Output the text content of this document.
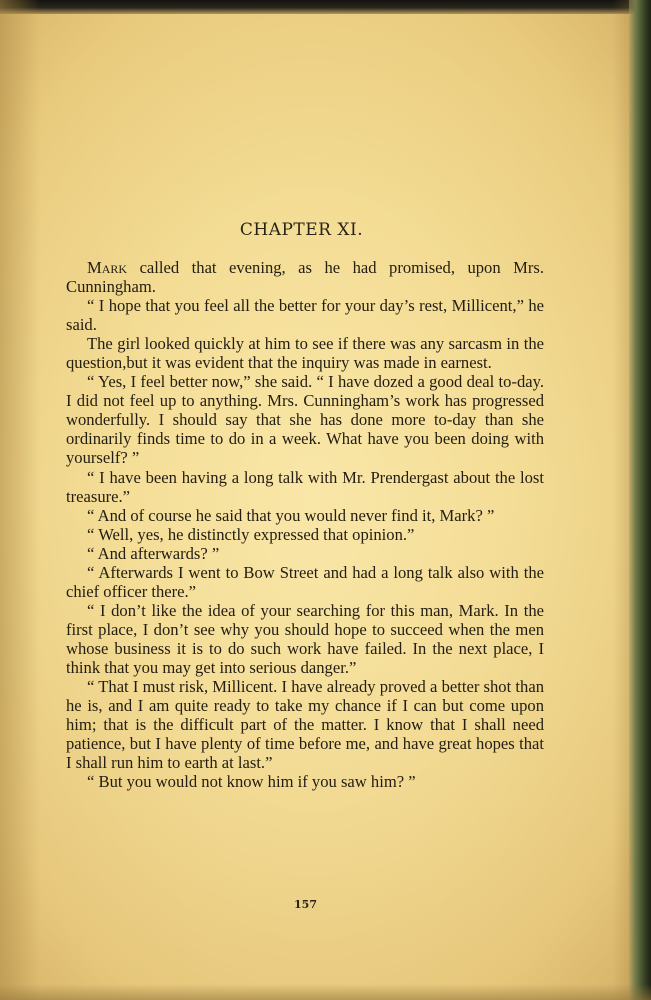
CHAPTER XI.

Mark called that evening, as he had promised, upon Mrs. Cunningham.

“ I hope that you feel all the better for your day’s rest, Millicent,” he said.

The girl looked quickly at him to see if there was any sarcasm in the question,but it was evident that the inquiry was made in earnest.

“ Yes, I feel better now,” she said. “ I have dozed a good deal to-day. I did not feel up to anything. Mrs. Cunningham’s work has progressed wonderfully. I should say that she has done more to-day than she ordinarily finds time to do in a week. What have you been doing with yourself? ”

“ I have been having a long talk with Mr. Prendergast about the lost treasure.”

“ And of course he said that you would never find it, Mark? ”

“ Well, yes, he distinctly expressed that opinion.”

“ And afterwards? ”

“ Afterwards I went to Bow Street and had a long talk also with the chief officer there.”

“ I don’t like the idea of your searching for this man, Mark. In the first place, I don’t see why you should hope to succeed when the men whose business it is to do such work have failed. In the next place, I think that you may get into serious danger.”

“ That I must risk, Millicent. I have already proved a better shot than he is, and I am quite ready to take my chance if I can but come upon him; that is the difficult part of the matter. I know that I shall need patience, but I have plenty of time before me, and have great hopes that I shall run him to earth at last.”

“ But you would not know him if you saw him? ”

157
